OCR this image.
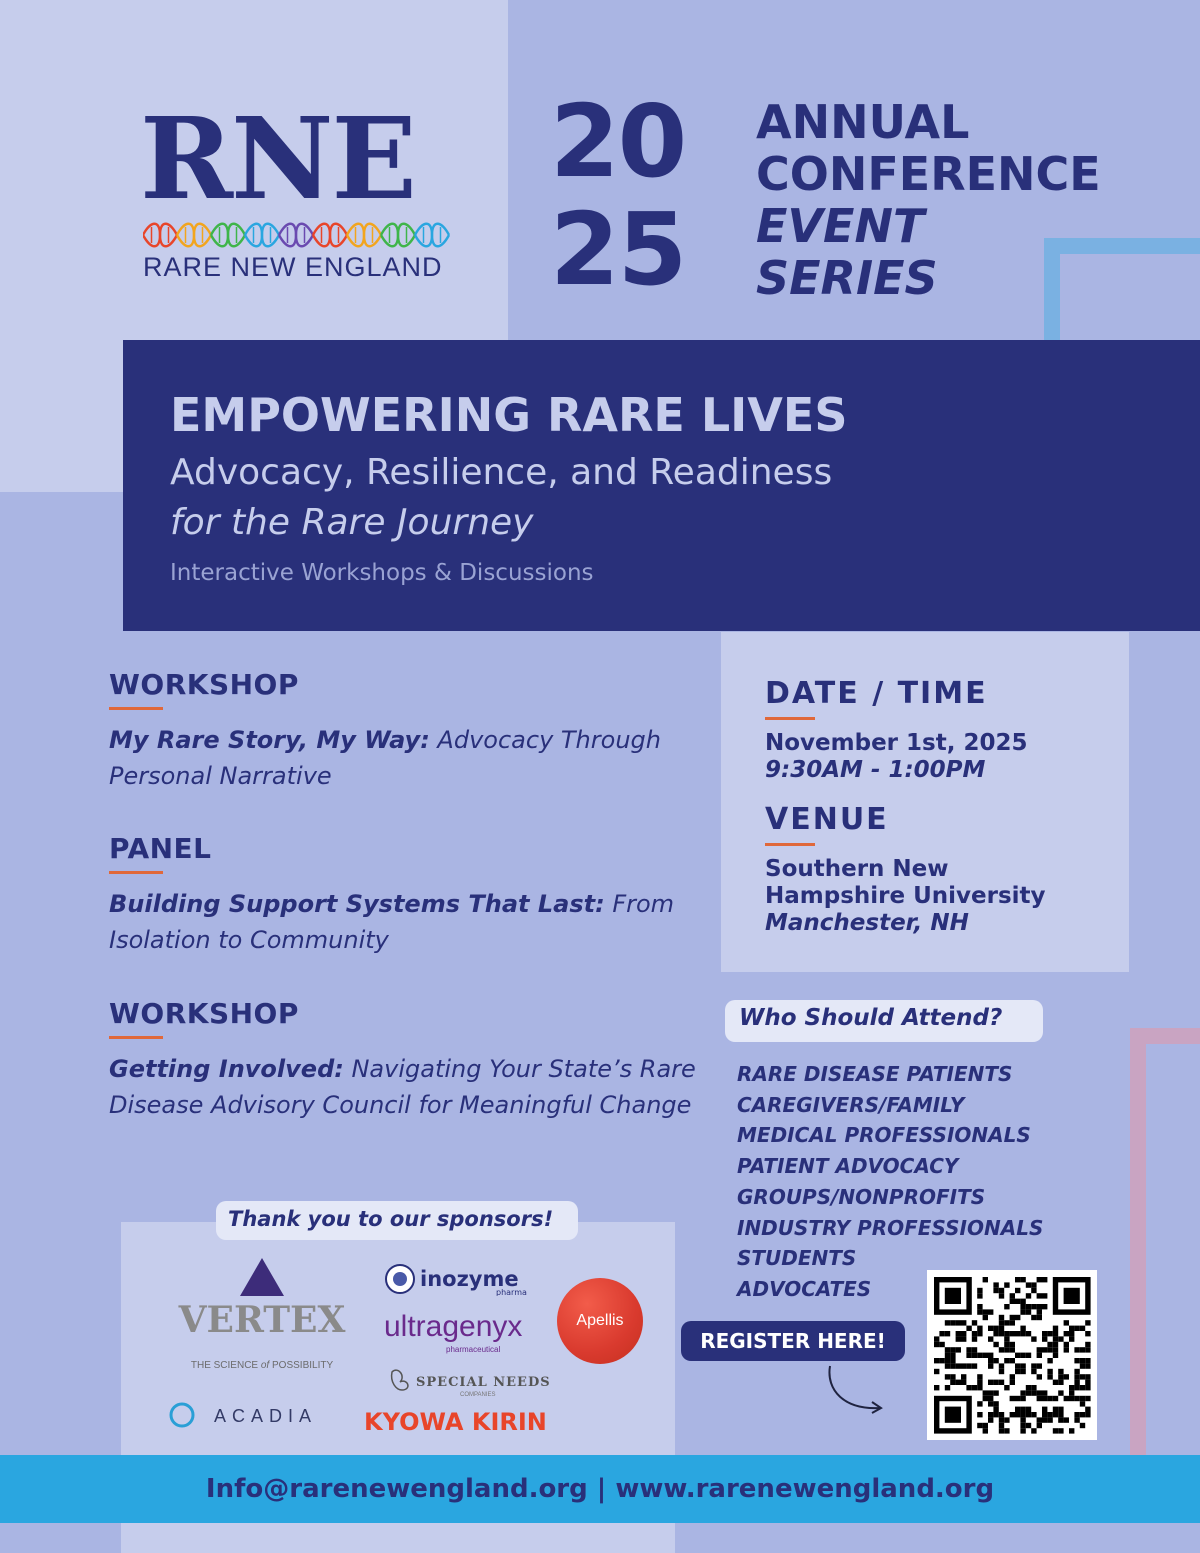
RNE
RARE NEW ENGLAND
20
25
ANNUAL
CONFERENCE
EVENT
SERIES
EMPOWERING RARE LIVES
Advocacy, Resilience, and Readiness
for the Rare Journey
Interactive Workshops & Discussions
WORKSHOP
My Rare Story, My Way: Advocacy Through Personal Narrative
PANEL
Building Support Systems That Last: From Isolation to Community
WORKSHOP
Getting Involved: Navigating Your State’s Rare Disease Advisory Council for Meaningful Change
DATE / TIME
November 1st, 2025
9:30AM - 1:00PM
VENUE
Southern New
Hampshire University
Manchester, NH
Who Should Attend?
RARE DISEASE PATIENTS
CAREGIVERS/FAMILY
MEDICAL PROFESSIONALS
PATIENT ADVOCACY
GROUPS/NONPROFITS
INDUSTRY PROFESSIONALS
STUDENTS
ADVOCATES
REGISTER HERE!
Thank you to our sponsors!
VERTEX
THE SCIENCE of POSSIBILITY
ACADIA
inozyme
pharma
ultragenyx
pharmaceutical
SPECIAL NEEDS
COMPANIES
KYOWA KIRIN
Apellis
Info@rarenewengland.org | www.rarenewengland.org
